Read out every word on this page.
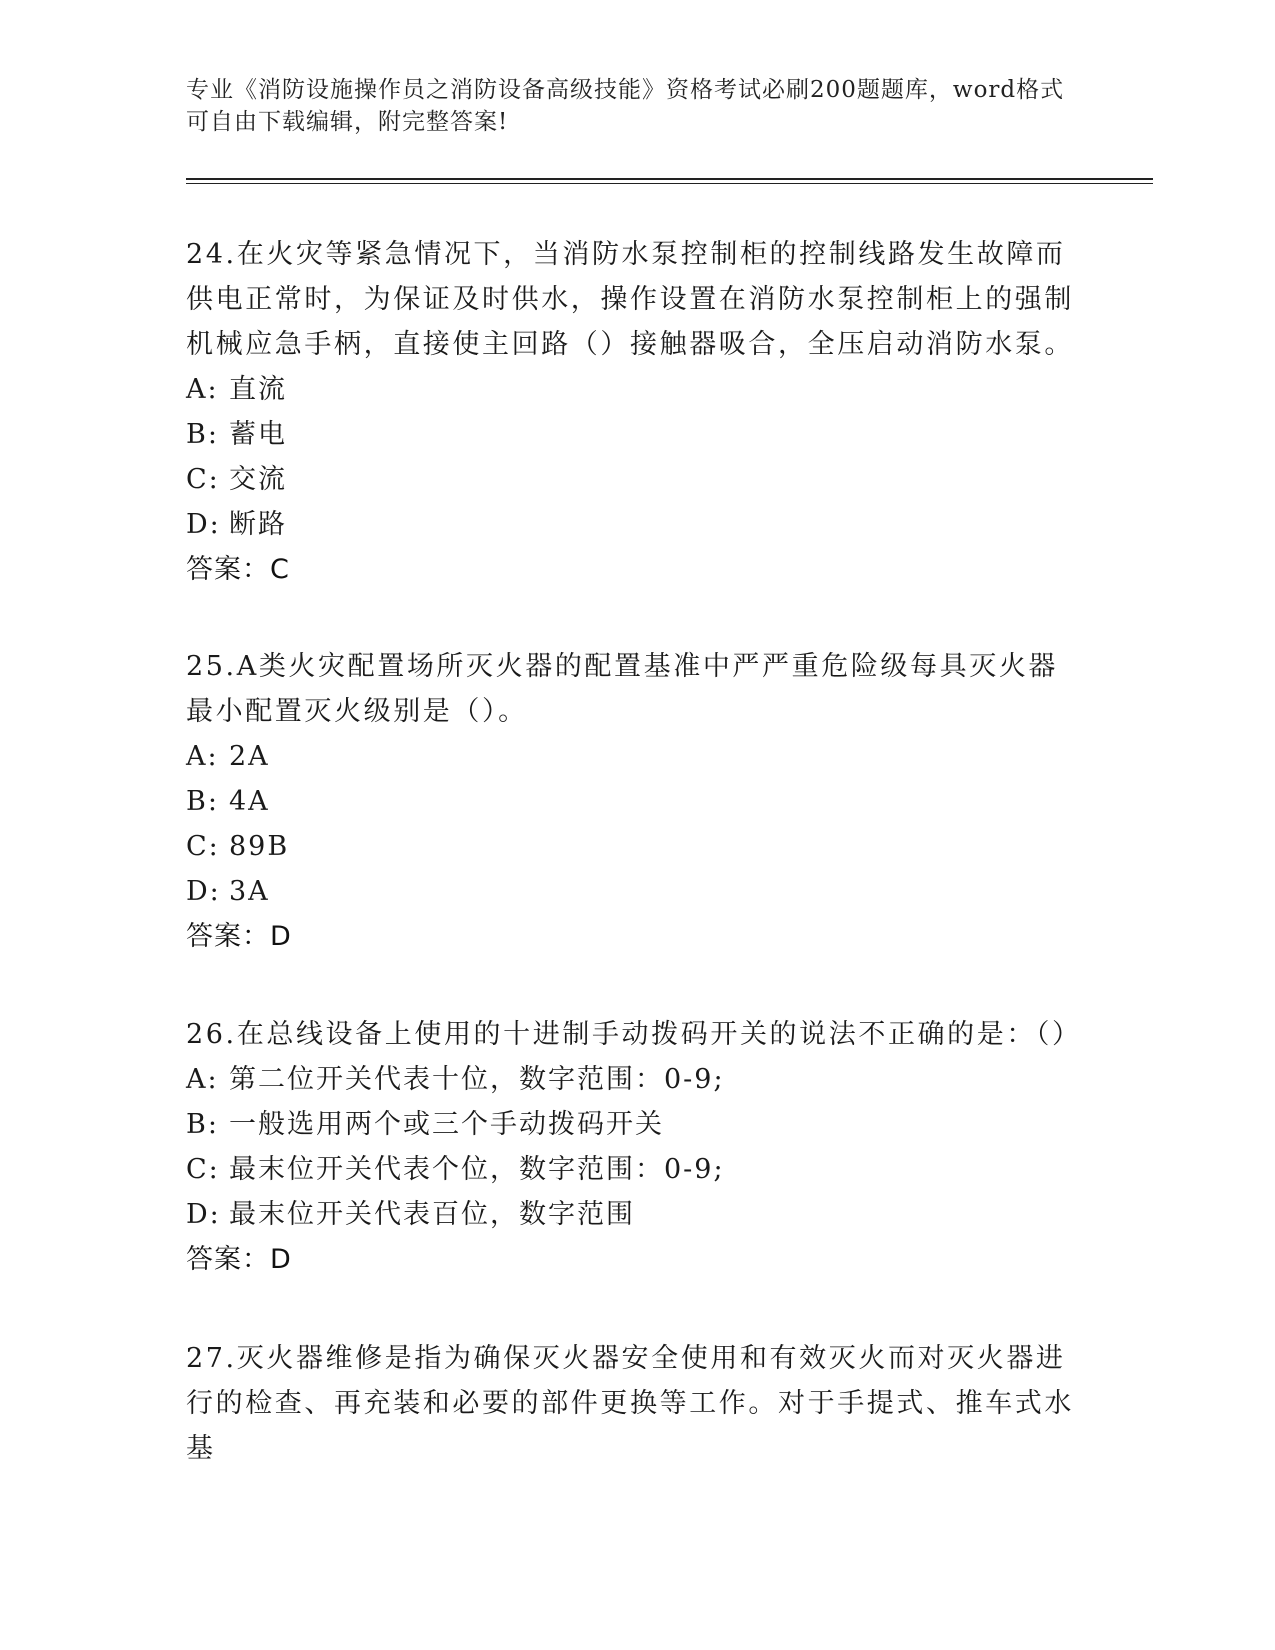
专业《消防设施操作员之消防设备高级技能》资格考试必刷200题题库，word格式可自由下载编辑，附完整答案!

24.在火灾等紧急情况下，当消防水泵控制柜的控制线路发生故障而供电正常时，为保证及时供水，操作设置在消防水泵控制柜上的强制机械应急手柄，直接使主回路（）接触器吸合，全压启动消防水泵。

A: 直流

B: 蓄电

C: 交流

D: 断路

答案：C

25.A类火灾配置场所灭火器的配置基准中严严重危险级每具灭火器最小配置灭火级别是（）。

A: 2A

B: 4A

C: 89B

D: 3A

答案：D

26.在总线设备上使用的十进制手动拨码开关的说法不正确的是：（）

A: 第二位开关代表十位，数字范围：0-9;

B: 一般选用两个或三个手动拨码开关

C: 最末位开关代表个位，数字范围：0-9;

D: 最末位开关代表百位，数字范围

答案：D

27.灭火器维修是指为确保灭火器安全使用和有效灭火而对灭火器进行的检查、再充装和必要的部件更换等工作。对于手提式、推车式水基
